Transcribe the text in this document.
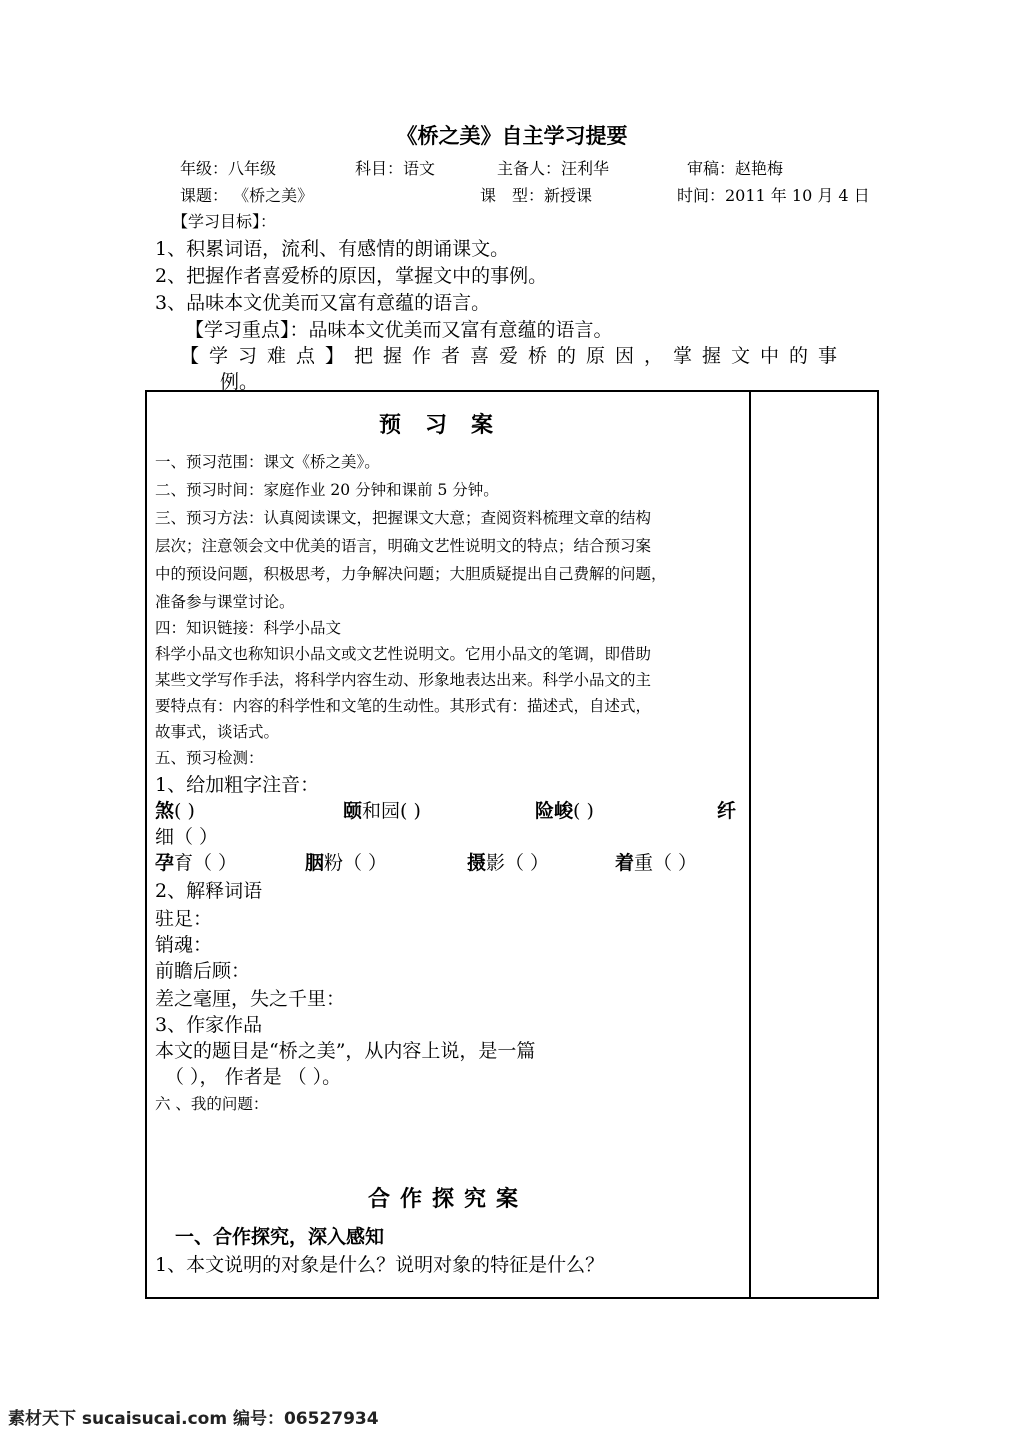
《桥之美》自主学习提要
年级：八年级	科目：语文	主备人：汪利华	审稿：赵艳梅
课题： 《桥之美》	课　型：新授课	时间：2011 年 10 月 4 日
【学习目标】：
1、积累词语，流利、有感情的朗诵课文。
2、把握作者喜爱桥的原因，掌握文中的事例。
3、品味本文优美而又富有意蕴的语言。
【学习重点】：品味本文优美而又富有意蕴的语言。
【学习难点】把握作者喜爱桥的原因，掌握文中的事
例。
预习案
一、预习范围：课文《桥之美》。
二、预习时间：家庭作业 20 分钟和课前 5 分钟。
三、预习方法：认真阅读课文，把握课文大意；查阅资料梳理文章的结构
层次；注意领会文中优美的语言，明确文艺性说明文的特点；结合预习案
中的预设问题，积极思考，力争解决问题；大胆质疑提出自己费解的问题，
准备参与课堂讨论。
四：知识链接：科学小品文
科学小品文也称知识小品文或文艺性说明文。它用小品文的笔调，即借助
某些文学写作手法，将科学内容生动、形象地表达出来。科学小品文的主
要特点有：内容的科学性和文笔的生动性。其形式有：描述式，自述式，
故事式，谈话式。
五、预习检测：
1、给加粗字注音：
煞( )	颐和园( )	险峻( )	纤
细（ ）
孕育（ ）	胭粉（ ）	摄影（ ）	着重（ ）
2、解释词语
驻足：
销魂：
前瞻后顾：
差之毫厘，失之千里：
3、作家作品
本文的题目是“桥之美”，从内容上说，是一篇
（ ）， 作者是 （ ）。
六 、我的问题：
合作探究案
一、合作探究，深入感知
1、本文说明的对象是什么？说明对象的特征是什么？
素材天下 sucaisucai.com 编号：06527934
